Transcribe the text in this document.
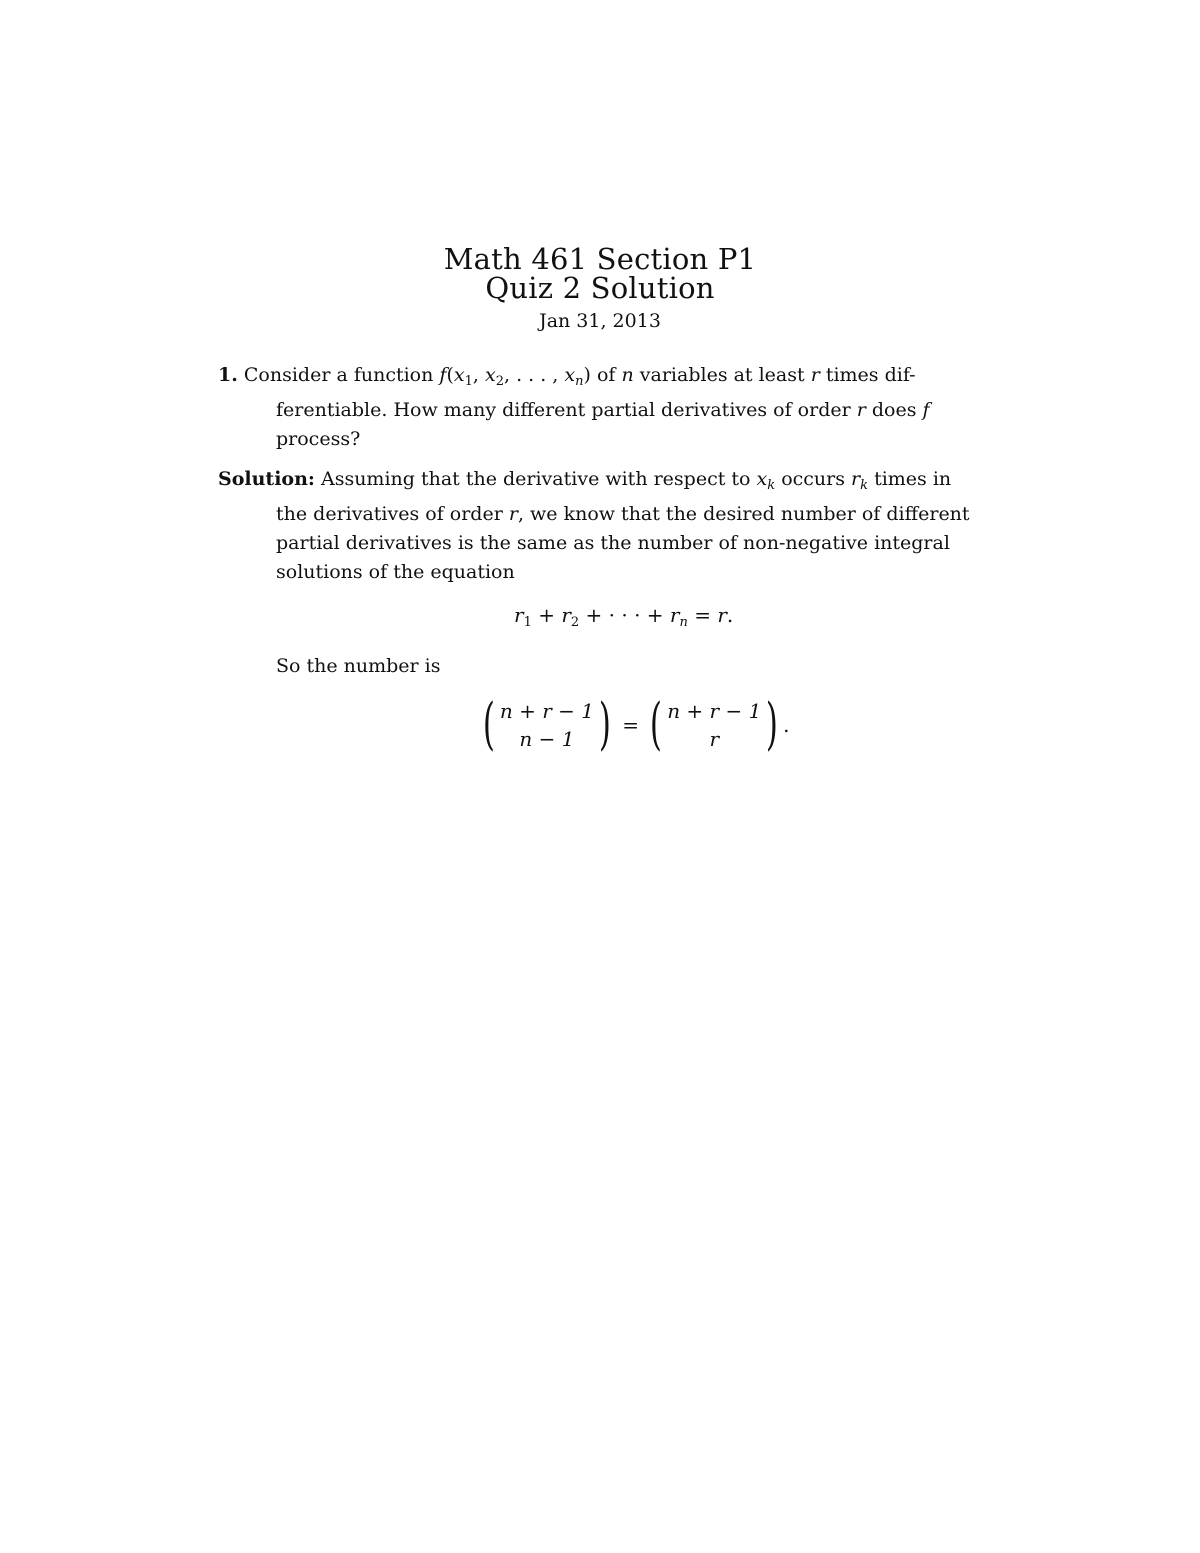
Math 461 Section P1
Quiz 2 Solution
Jan 31, 2013
1. Consider a function $f(x_1$, $x_2$, . . . , $x_n$) of n variables at least r times dif-
ferentiable. How many different partial derivatives of order r does f
process?
Solution: Assuming that the derivative with respect to $x_k$ occurs $r_k$ times in
the derivatives of order r, we know that the desired number of different
partial derivatives is the same as the number of non-negative integral
solutions of the equation
$r_1 + r_2$ + · · · + $r_n = r$.
So the number is
( n + r − 1
n − 1 ) = ( n + r − 1
r ) .
